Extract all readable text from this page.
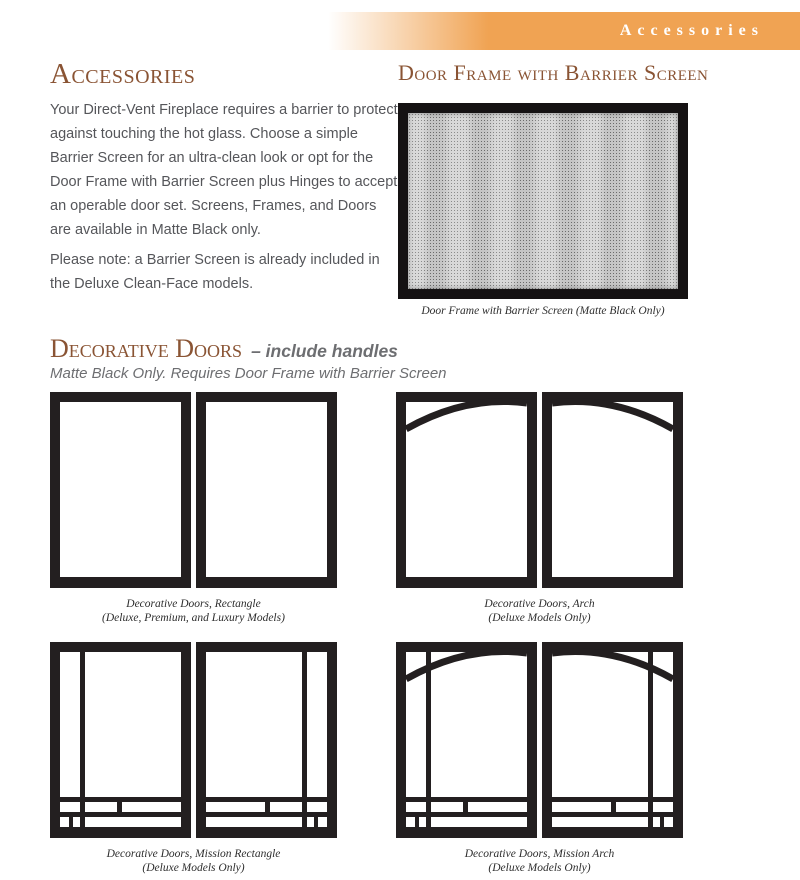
Accessories
Accessories

Your Direct-Vent Fireplace requires a barrier to protect against touching the hot glass. Choose a simple Barrier Screen for an ultra-clean look or opt for the Door Frame with Barrier Screen plus Hinges to accept an operable door set. Screens, Frames, and Doors are available in Matte Black only.

Please note: a Barrier Screen is already included in the Deluxe Clean-Face models.

Door Frame with Barrier Screen
Door Frame with Barrier Screen (Matte Black Only)
Decorative Doors – include handles
Matte Black Only. Requires Door Frame with Barrier Screen
Decorative Doors, Rectangle
(Deluxe, Premium, and Luxury Models)
Decorative Doors, Arch
(Deluxe Models Only)
Decorative Doors, Mission Rectangle
(Deluxe Models Only)
Decorative Doors, Mission Arch
(Deluxe Models Only)
